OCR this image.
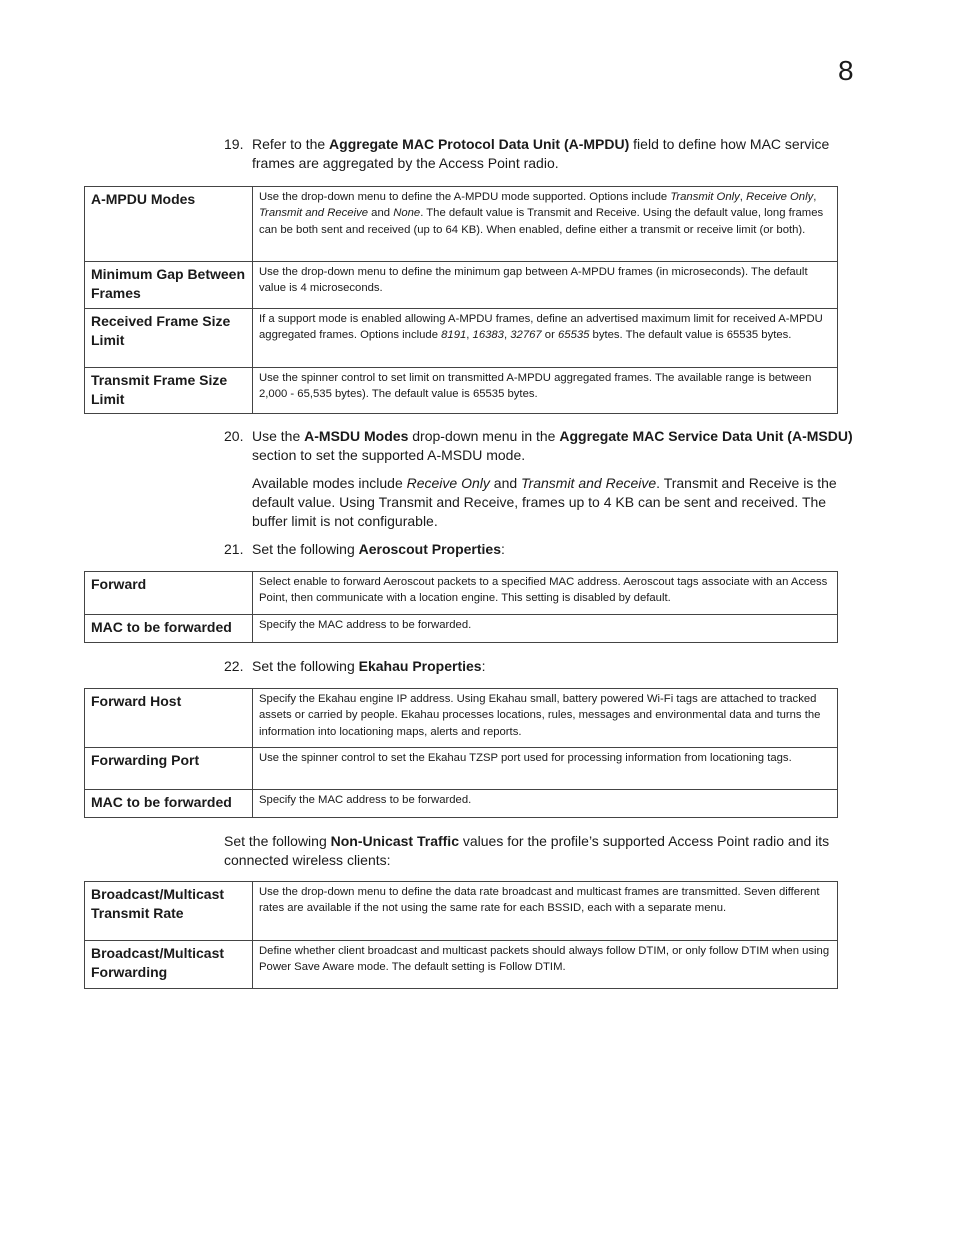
8
19. Refer to the Aggregate MAC Protocol Data Unit (A-MPDU) field to define how MAC service frames are aggregated by the Access Point radio.
A-MPDU Modes	Use the drop-down menu to define the A-MPDU mode supported. Options include Transmit Only, Receive Only, Transmit and Receive and None. The default value is Transmit and Receive. Using the default value, long frames can be both sent and received (up to 64 KB). When enabled, define either a transmit or receive limit (or both).
Minimum Gap Between Frames	Use the drop-down menu to define the minimum gap between A-MPDU frames (in microseconds). The default value is 4 microseconds.
Received Frame Size Limit	If a support mode is enabled allowing A-MPDU frames, define an advertised maximum limit for received A-MPDU aggregated frames. Options include 8191, 16383, 32767 or 65535 bytes. The default value is 65535 bytes.
Transmit Frame Size Limit	Use the spinner control to set limit on transmitted A-MPDU aggregated frames. The available range is between 2,000 - 65,535 bytes). The default value is 65535 bytes.
20. Use the A-MSDU Modes drop-down menu in the Aggregate MAC Service Data Unit (A-MSDU) section to set the supported A-MSDU mode.
Available modes include Receive Only and Transmit and Receive. Transmit and Receive is the default value. Using Transmit and Receive, frames up to 4 KB can be sent and received. The buffer limit is not configurable.
21. Set the following Aeroscout Properties:
Forward	Select enable to forward Aeroscout packets to a specified MAC address. Aeroscout tags associate with an Access Point, then communicate with a location engine. This setting is disabled by default.
MAC to be forwarded	Specify the MAC address to be forwarded.
22. Set the following Ekahau Properties:
Forward Host	Specify the Ekahau engine IP address. Using Ekahau small, battery powered Wi-Fi tags are attached to tracked assets or carried by people. Ekahau processes locations, rules, messages and environmental data and turns the information into locationing maps, alerts and reports.
Forwarding Port	Use the spinner control to set the Ekahau TZSP port used for processing information from locationing tags.
MAC to be forwarded	Specify the MAC address to be forwarded.
Set the following Non-Unicast Traffic values for the profile’s supported Access Point radio and its connected wireless clients:
Broadcast/Multicast Transmit Rate	Use the drop-down menu to define the data rate broadcast and multicast frames are transmitted. Seven different rates are available if the not using the same rate for each BSSID, each with a separate menu.
Broadcast/Multicast Forwarding	Define whether client broadcast and multicast packets should always follow DTIM, or only follow DTIM when using Power Save Aware mode. The default setting is Follow DTIM.
